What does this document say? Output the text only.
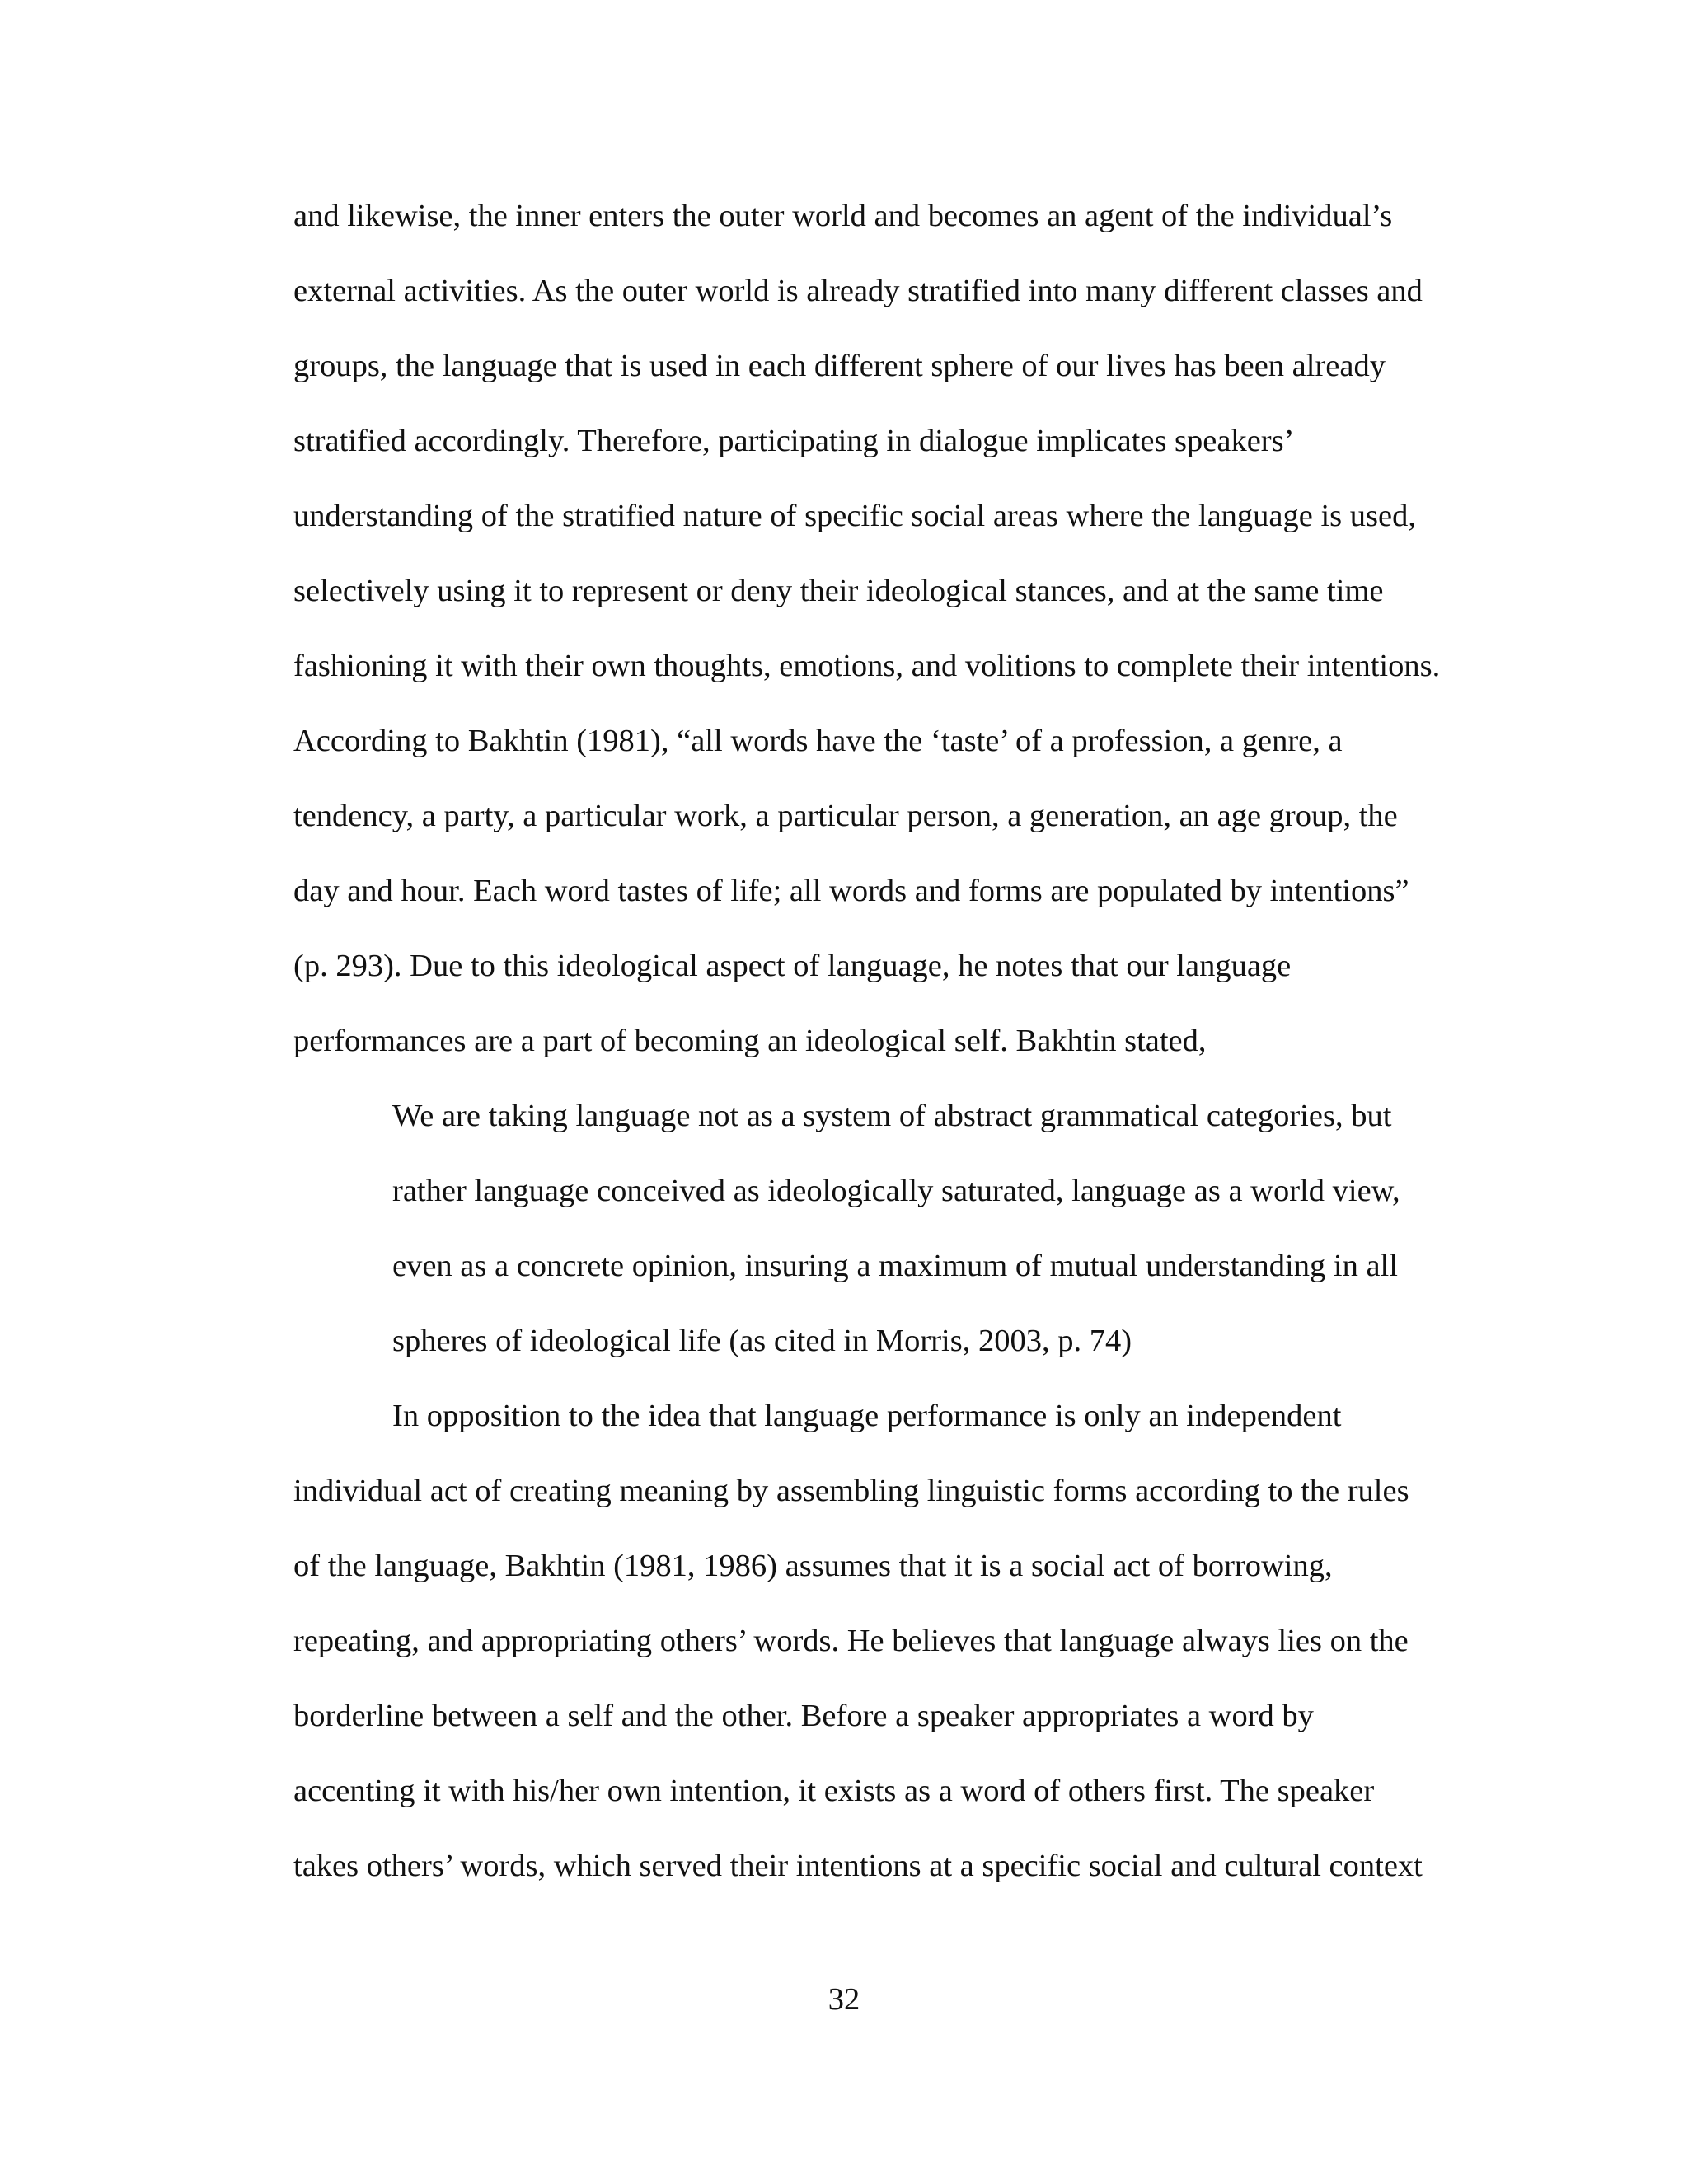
and likewise, the inner enters the outer world and becomes an agent of the individual’s
external activities. As the outer world is already stratified into many different classes and
groups, the language that is used in each different sphere of our lives has been already
stratified accordingly. Therefore, participating in dialogue implicates speakers’
understanding of the stratified nature of specific social areas where the language is used,
selectively using it to represent or deny their ideological stances, and at the same time
fashioning it with their own thoughts, emotions, and volitions to complete their intentions.
According to Bakhtin (1981), “all words have the ‘taste’ of a profession, a genre, a
tendency, a party, a particular work, a particular person, a generation, an age group, the
day and hour. Each word tastes of life; all words and forms are populated by intentions”
(p. 293). Due to this ideological aspect of language, he notes that our language
performances are a part of becoming an ideological self. Bakhtin stated,
We are taking language not as a system of abstract grammatical categories, but
rather language conceived as ideologically saturated, language as a world view,
even as a concrete opinion, insuring a maximum of mutual understanding in all
spheres of ideological life (as cited in Morris, 2003, p. 74)
In opposition to the idea that language performance is only an independent
individual act of creating meaning by assembling linguistic forms according to the rules
of the language, Bakhtin (1981, 1986) assumes that it is a social act of borrowing,
repeating, and appropriating others’ words. He believes that language always lies on the
borderline between a self and the other. Before a speaker appropriates a word by
accenting it with his/her own intention, it exists as a word of others first. The speaker
takes others’ words, which served their intentions at a specific social and cultural context
32
